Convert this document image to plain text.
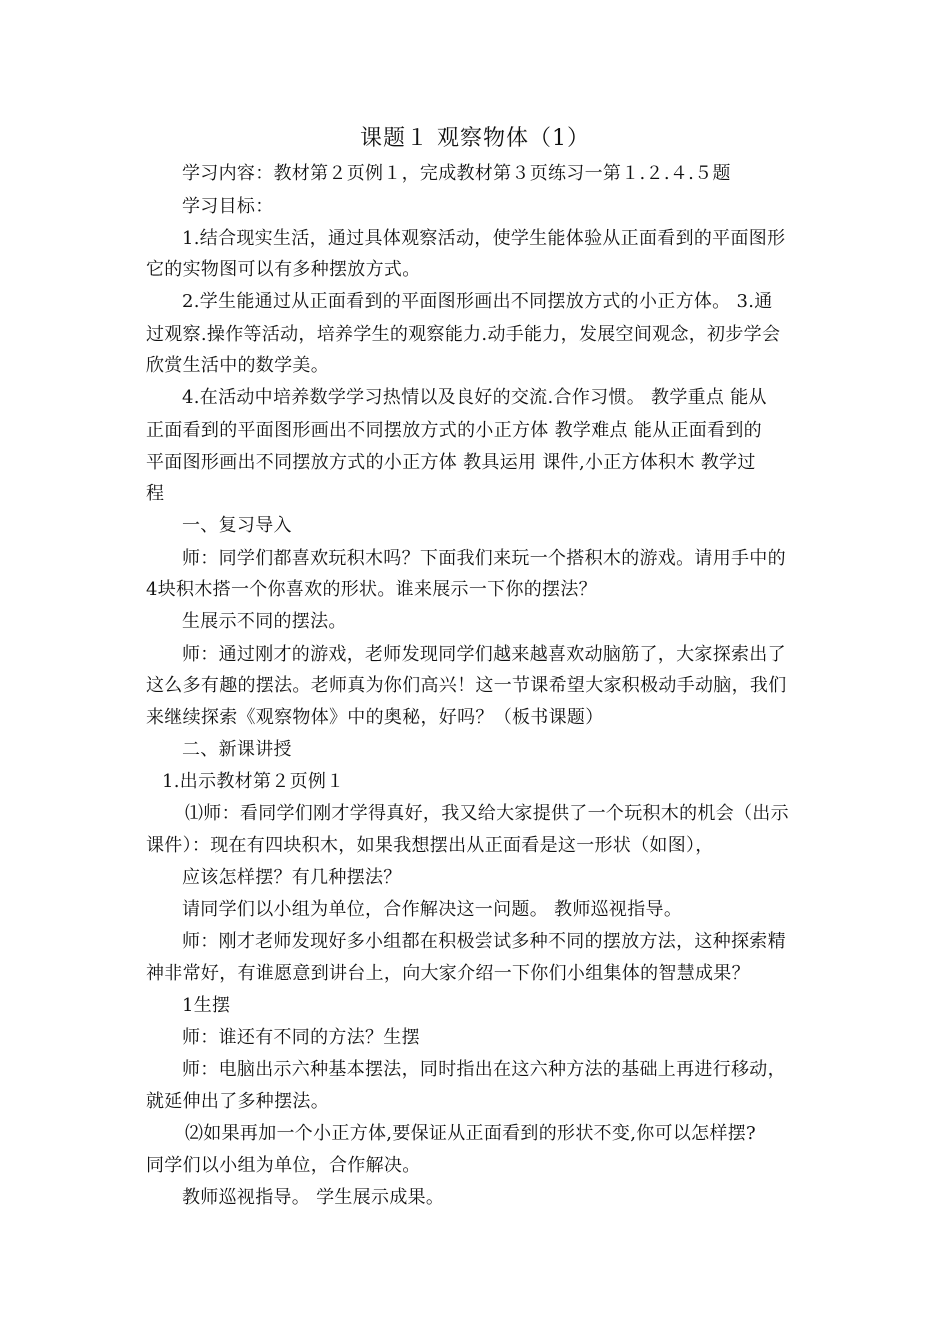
课题１ 观察物体（1）
学习内容：教材第２页例１，完成教材第３页练习一第１.２.４.５题
学习目标：
1.结合现实生活，通过具体观察活动，使学生能体验从正面看到的平面图形
它的实物图可以有多种摆放方式。
2.学生能通过从正面看到的平面图形画出不同摆放方式的小正方体。 3.通
过观察.操作等活动，培养学生的观察能力.动手能力，发展空间观念，初步学会
欣赏生活中的数学美。
4.在活动中培养数学学习热情以及良好的交流.合作习惯。 教学重点 能从
正面看到的平面图形画出不同摆放方式的小正方体 教学难点 能从正面看到的
平面图形画出不同摆放方式的小正方体 教具运用 课件,小正方体积木 教学过
程
一、复习导入
师：同学们都喜欢玩积木吗？下面我们来玩一个搭积木的游戏。请用手中的
4块积木搭一个你喜欢的形状。谁来展示一下你的摆法？
生展示不同的摆法。
师：通过刚才的游戏，老师发现同学们越来越喜欢动脑筋了，大家探索出了
这么多有趣的摆法。老师真为你们高兴！这一节课希望大家积极动手动脑，我们
来继续探索《观察物体》中的奥秘，好吗？（板书课题）
二、新课讲授
1.出示教材第２页例１
⑴师：看同学们刚才学得真好，我又给大家提供了一个玩积木的机会（出示
课件）：现在有四块积木，如果我想摆出从正面看是这一形状（如图），
应该怎样摆？有几种摆法？
请同学们以小组为单位，合作解决这一问题。 教师巡视指导。
师：刚才老师发现好多小组都在积极尝试多种不同的摆放方法，这种探索精
神非常好，有谁愿意到讲台上，向大家介绍一下你们小组集体的智慧成果？
1生摆
师：谁还有不同的方法？生摆
师：电脑出示六种基本摆法，同时指出在这六种方法的基础上再进行移动，
就延伸出了多种摆法。
⑵如果再加一个小正方体,要保证从正面看到的形状不变,你可以怎样摆?
同学们以小组为单位，合作解决。
教师巡视指导。 学生展示成果。
